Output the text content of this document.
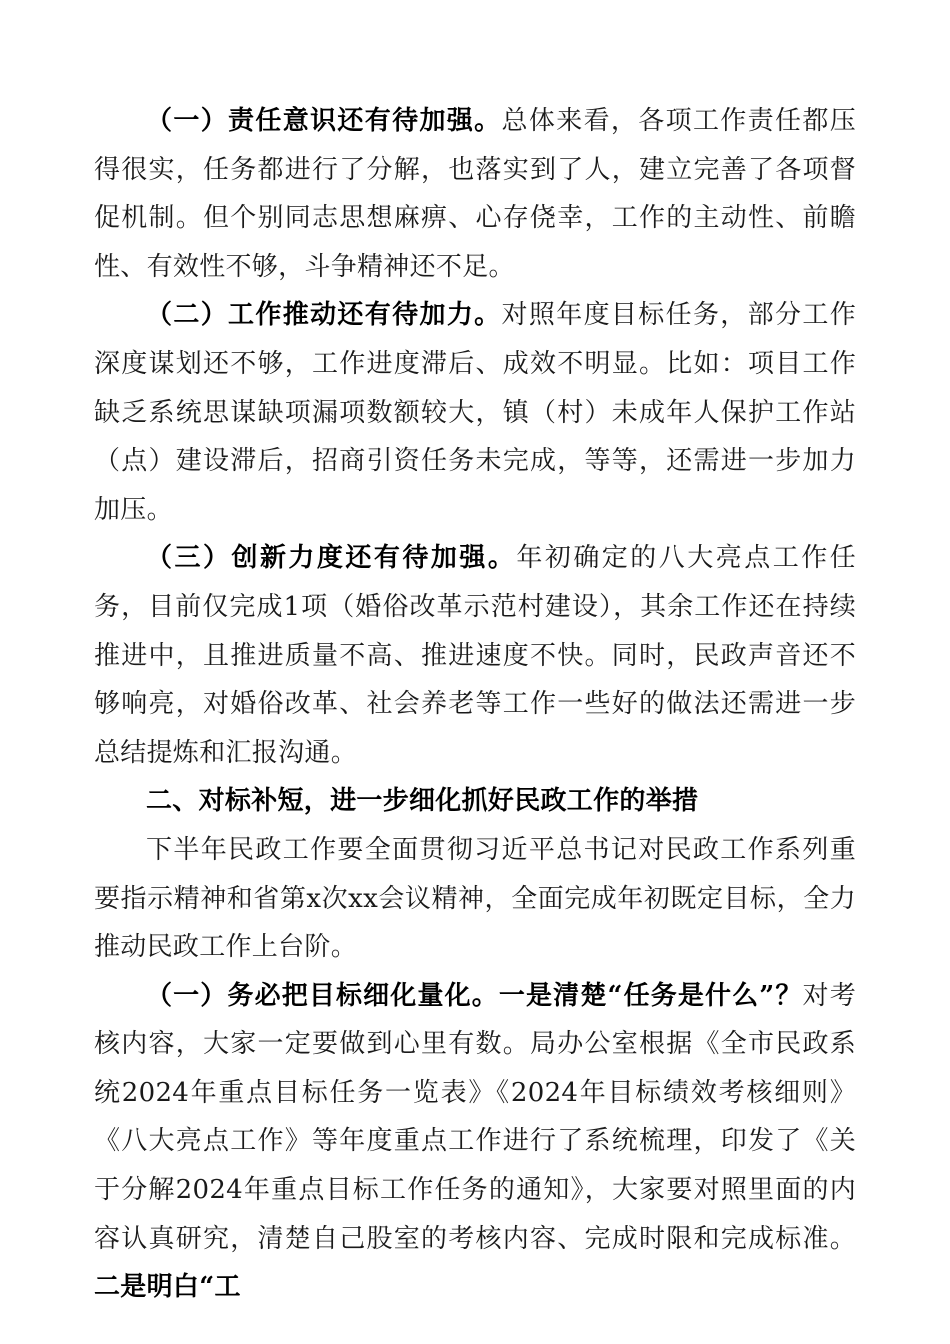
（一）责任意识还有待加强。总体来看，各项工作责任都压得很实，任务都进行了分解，也落实到了人，建立完善了各项督促机制。但个别同志思想麻痹、心存侥幸，工作的主动性、前瞻性、有效性不够，斗争精神还不足。

（二）工作推动还有待加力。对照年度目标任务，部分工作深度谋划还不够，工作进度滞后、成效不明显。比如：项目工作缺乏系统思谋缺项漏项数额较大，镇（村）未成年人保护工作站（点）建设滞后，招商引资任务未完成，等等，还需进一步加力加压。

（三）创新力度还有待加强。年初确定的八大亮点工作任务，目前仅完成1项（婚俗改革示范村建设），其余工作还在持续推进中，且推进质量不高、推进速度不快。同时，民政声音还不够响亮，对婚俗改革、社会养老等工作一些好的做法还需进一步总结提炼和汇报沟通。

二、对标补短，进一步细化抓好民政工作的举措

下半年民政工作要全面贯彻习近平总书记对民政工作系列重要指示精神和省第x次xx会议精神，全面完成年初既定目标，全力推动民政工作上台阶。

（一）务必把目标细化量化。一是清楚“任务是什么”？对考核内容，大家一定要做到心里有数。局办公室根据《全市民政系统2024年重点目标任务一览表》《2024年目标绩效考核细则》《八大亮点工作》等年度重点工作进行了系统梳理，印发了《关于分解2024年重点目标工作任务的通知》，大家要对照里面的内容认真研究，清楚自己股室的考核内容、完成时限和完成标准。二是明白“工
